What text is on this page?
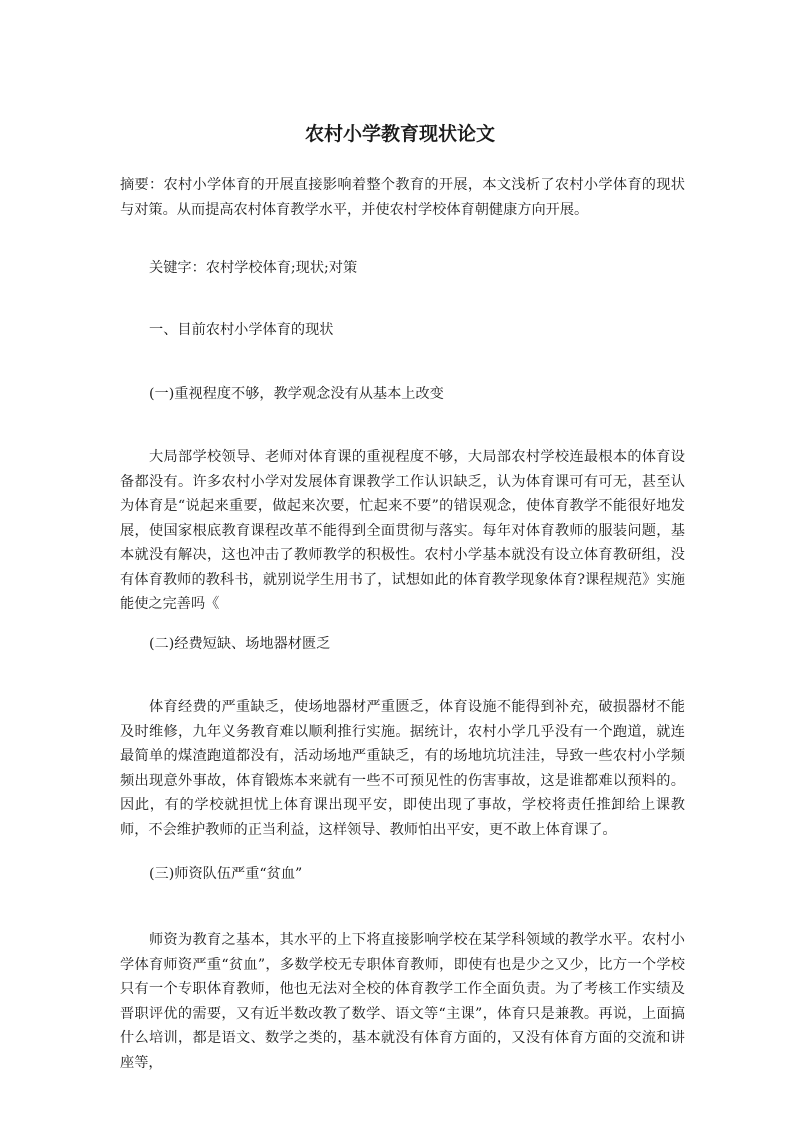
农村小学教育现状论文
摘要：农村小学体育的开展直接影响着整个教育的开展，本文浅析了农村小学体育的现状与对策。从而提高农村体育教学水平，并使农村学校体育朝健康方向开展。
关键字：农村学校体育;现状;对策
一、目前农村小学体育的现状
(一)重视程度不够，教学观念没有从基本上改变
大局部学校领导、老师对体育课的重视程度不够，大局部农村学校连最根本的体育设备都没有。许多农村小学对发展体育课教学工作认识缺乏，认为体育课可有可无，甚至认为体育是“说起来重要，做起来次要，忙起来不要”的错误观念，使体育教学不能很好地发展，使国家根底教育课程改革不能得到全面贯彻与落实。每年对体育教师的服装问题，基本就没有解决，这也冲击了教师教学的积极性。农村小学基本就没有设立体育教研组，没有体育教师的教科书，就别说学生用书了，试想如此的体育教学现象体育?课程规范》实施能使之完善吗《
(二)经费短缺、场地器材匮乏
体育经费的严重缺乏，使场地器材严重匮乏，体育设施不能得到补充，破损器材不能及时维修，九年义务教育难以顺利推行实施。据统计，农村小学几乎没有一个跑道，就连最简单的煤渣跑道都没有，活动场地严重缺乏，有的场地坑坑洼洼，导致一些农村小学频频出现意外事故，体育锻炼本来就有一些不可预见性的伤害事故，这是谁都难以预料的。因此，有的学校就担忧上体育课出现平安，即使出现了事故，学校将责任推卸给上课教师，不会维护教师的正当利益，这样领导、教师怕出平安，更不敢上体育课了。
(三)师资队伍严重“贫血”
师资为教育之基本，其水平的上下将直接影响学校在某学科领域的教学水平。农村小学体育师资严重“贫血”，多数学校无专职体育教师，即使有也是少之又少，比方一个学校只有一个专职体育教师，他也无法对全校的体育教学工作全面负责。为了考核工作实绩及晋职评优的需要，又有近半数改教了数学、语文等“主课”，体育只是兼教。再说，上面搞什么培训，都是语文、数学之类的，基本就没有体育方面的，又没有体育方面的交流和讲座等，
